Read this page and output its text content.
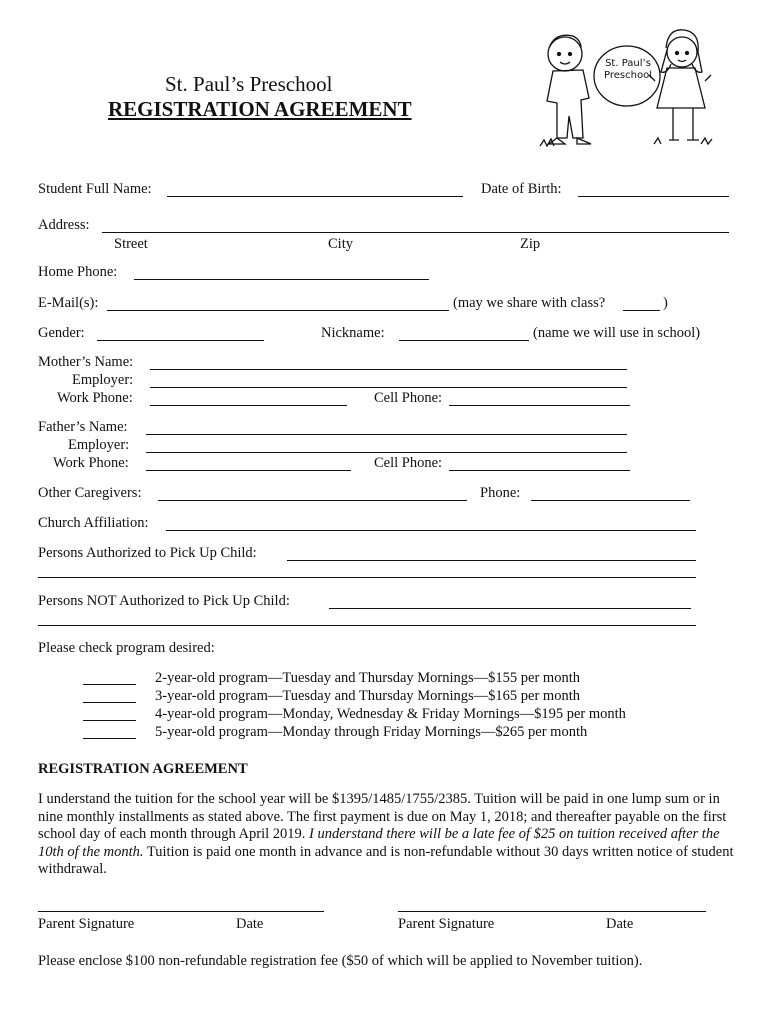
St. Paul’s Preschool
REGISTRATION AGREEMENT
St. Paul’s Preschool
Student Full Name:	Date of Birth:
Address:
Street	City	Zip
Home Phone:
E-Mail(s):	(may we share with class?	)
Gender:	Nickname:	(name we will use in school)
Mother’s Name:
Employer:
Work Phone:	Cell Phone:
Father’s Name:
Employer:
Work Phone:	Cell Phone:
Other Caregivers:	Phone:
Church Affiliation:
Persons Authorized to Pick Up Child:
Persons NOT Authorized to Pick Up Child:
Please check program desired:
2-year-old program—Tuesday and Thursday Mornings—$155 per month
3-year-old program—Tuesday and Thursday Mornings—$165 per month
4-year-old program—Monday, Wednesday & Friday Mornings—$195 per month
5-year-old program—Monday through Friday Mornings—$265 per month
REGISTRATION AGREEMENT
I understand the tuition for the school year will be $1395/1485/1755/2385. Tuition will be paid in one lump sum or in nine monthly installments as stated above. The first payment is due on May 1, 2018; and thereafter payable on the first school day of each month through April 2019. I understand there will be a late fee of $25 on tuition received after the 10th of the month. Tuition is paid one month in advance and is non-refundable without 30 days written notice of student withdrawal.
Parent Signature	Date	Parent Signature	Date
Please enclose $100 non-refundable registration fee ($50 of which will be applied to November tuition).
